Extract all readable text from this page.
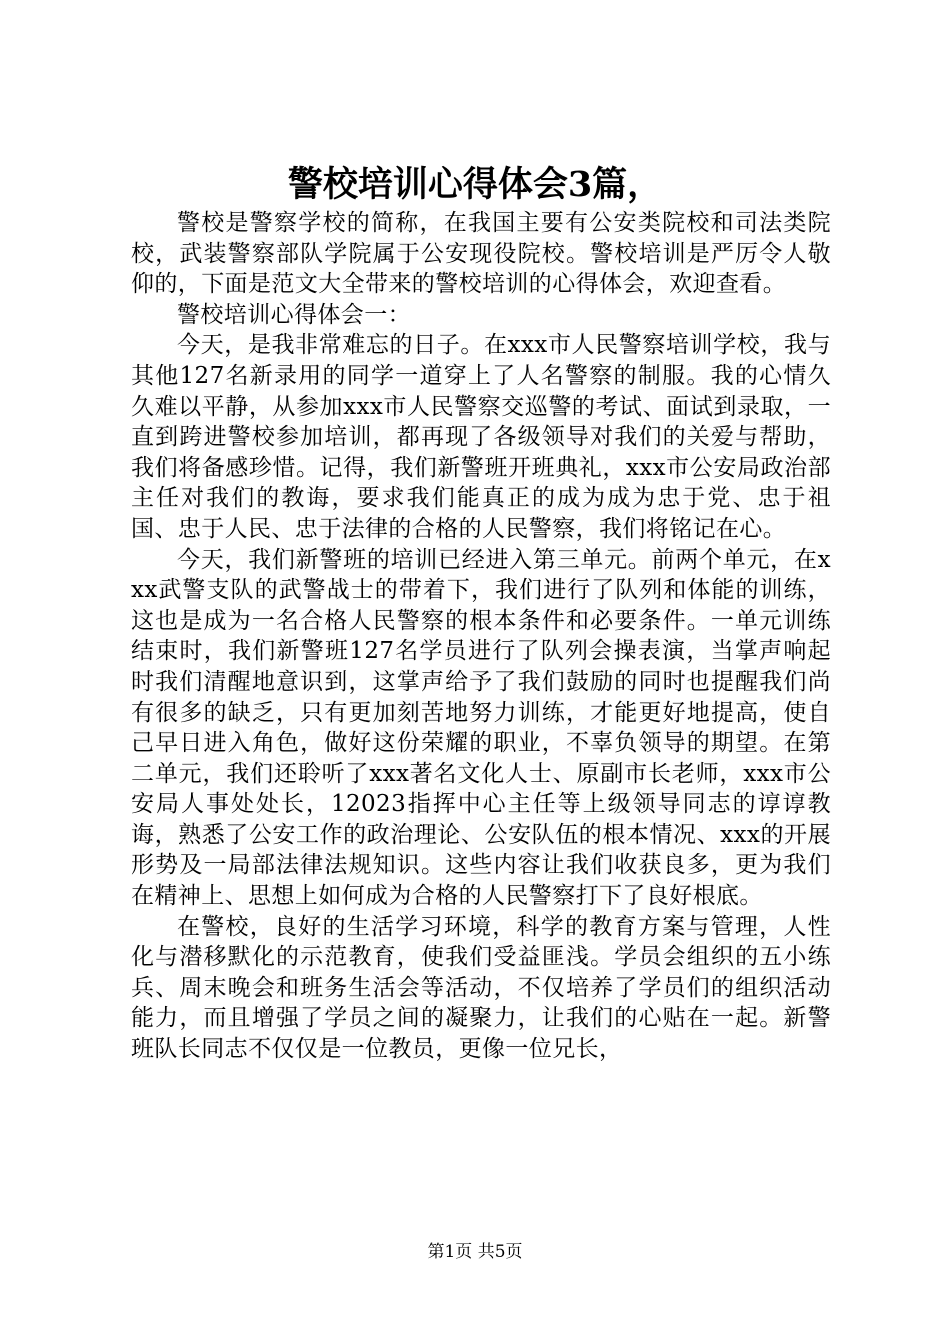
警校培训心得体会3篇，

警校是警察学校的简称，在我国主要有公安类院校和司法类院校，武装警察部队学院属于公安现役院校。警校培训是严厉令人敬仰的，下面是范文大全带来的警校培训的心得体会，欢迎查看。

警校培训心得体会一：

今天，是我非常难忘的日子。在xxx市人民警察培训学校，我与其他127名新录用的同学一道穿上了人名警察的制服。我的心情久久难以平静，从参加xxx市人民警察交巡警的考试、面试到录取，一直到跨进警校参加培训，都再现了各级领导对我们的关爱与帮助，我们将备感珍惜。记得，我们新警班开班典礼，xxx市公安局政治部主任对我们的教诲，要求我们能真正的成为成为忠于党、忠于祖国、忠于人民、忠于法律的合格的人民警察，我们将铭记在心。

今天，我们新警班的培训已经进入第三单元。前两个单元，在xxx武警支队的武警战士的带着下，我们进行了队列和体能的训练，这也是成为一名合格人民警察的根本条件和必要条件。一单元训练结束时，我们新警班127名学员进行了队列会操表演，当掌声响起时我们清醒地意识到，这掌声给予了我们鼓励的同时也提醒我们尚有很多的缺乏，只有更加刻苦地努力训练，才能更好地提高，使自己早日进入角色，做好这份荣耀的职业，不辜负领导的期望。在第二单元，我们还聆听了xxx著名文化人士、原副市长老师，xxx市公安局人事处处长，12023指挥中心主任等上级领导同志的谆谆教诲，熟悉了公安工作的政治理论、公安队伍的根本情况、xxx的开展形势及一局部法律法规知识。这些内容让我们收获良多，更为我们在精神上、思想上如何成为合格的人民警察打下了良好根底。

在警校，良好的生活学习环境，科学的教育方案与管理，人性化与潜移默化的示范教育，使我们受益匪浅。学员会组织的五小练兵、周末晚会和班务生活会等活动，不仅培养了学员们的组织活动能力，而且增强了学员之间的凝聚力，让我们的心贴在一起。新警班队长同志不仅仅是一位教员，更像一位兄长，

第1页 共5页
